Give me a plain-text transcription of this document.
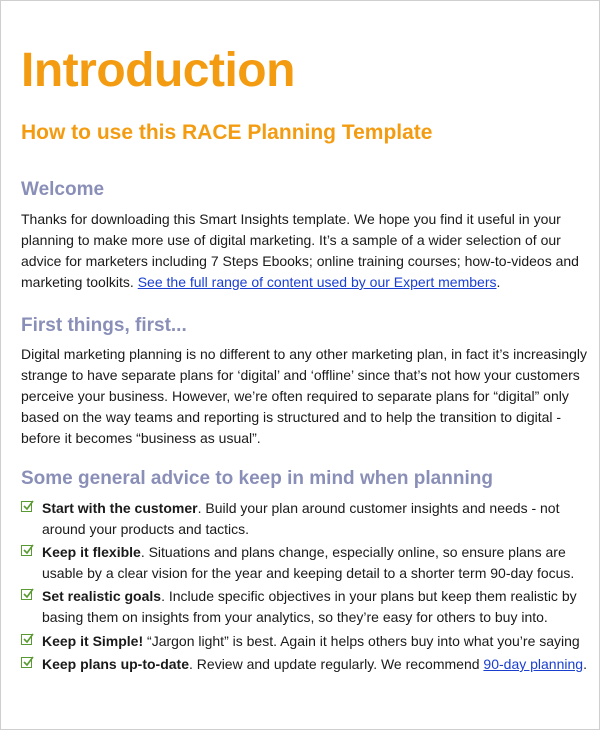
Introduction
How to use this RACE Planning Template
Welcome
Thanks for downloading this Smart Insights template. We hope you find it useful in your
planning to make more use of digital marketing. It’s a sample of a wider selection of our
advice for marketers including 7 Steps Ebooks; online training courses; how-to-videos and
marketing toolkits. See the full range of content used by our Expert members.
First things, first...
Digital marketing planning is no different to any other marketing plan, in fact it’s increasingly
strange to have separate plans for ‘digital’ and ‘offline’ since that’s not how your customers
perceive your business. However, we’re often required to separate plans for “digital” only
based on the way teams and reporting is structured and to help the transition to digital -
before it becomes “business as usual”.
Some general advice to keep in mind when planning
Start with the customer. Build your plan around customer insights and needs - not
around your products and tactics.
Keep it flexible. Situations and plans change, especially online, so ensure plans are
usable by a clear vision for the year and keeping detail to a shorter term 90-day focus.
Set realistic goals. Include specific objectives in your plans but keep them realistic by
basing them on insights from your analytics, so they’re easy for others to buy into.
Keep it Simple! “Jargon light” is best. Again it helps others buy into what you’re saying
Keep plans up-to-date. Review and update regularly. We recommend 90-day planning.
